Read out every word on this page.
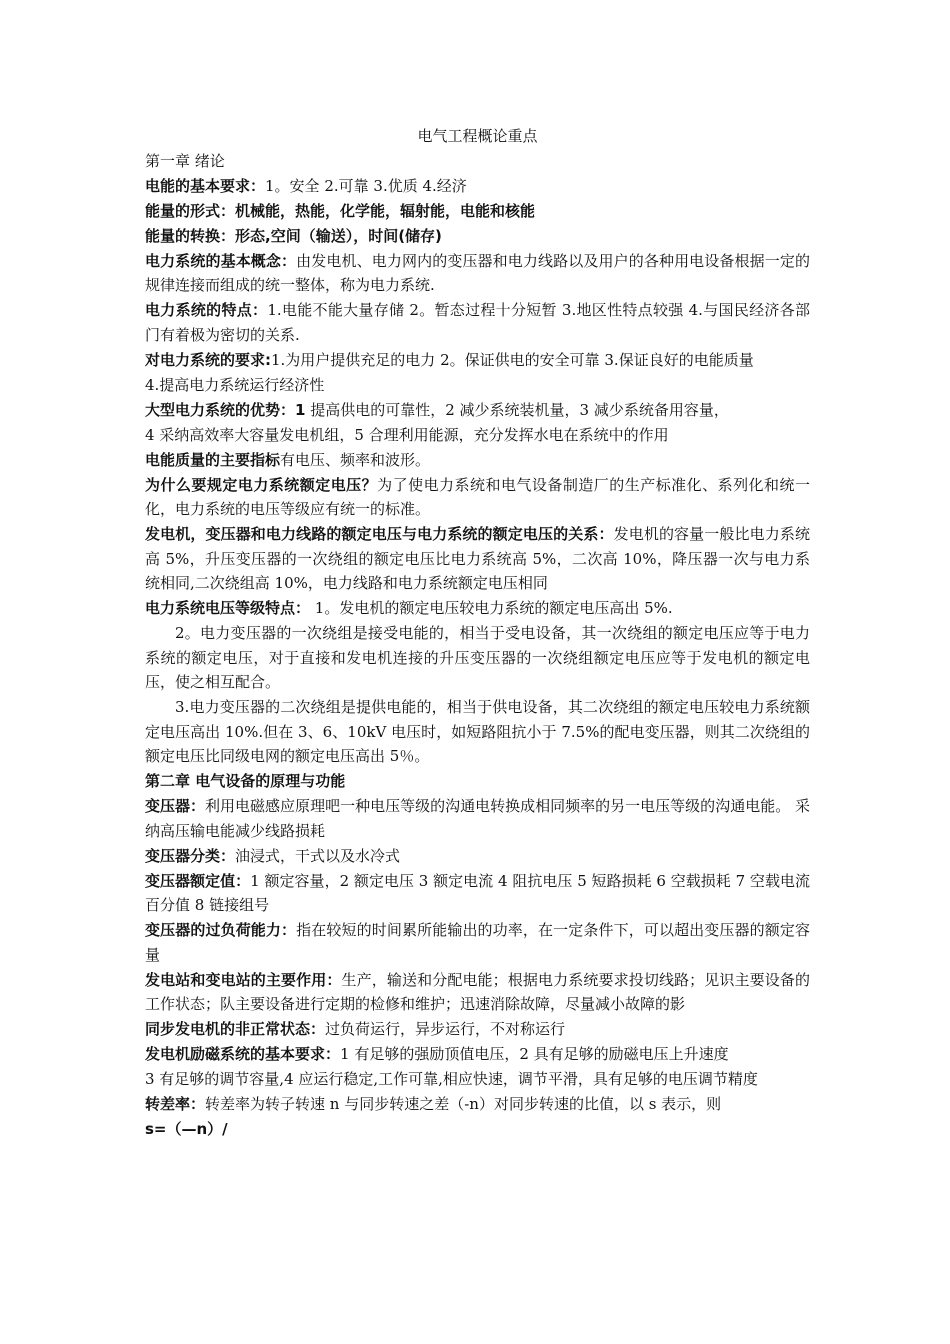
电气工程概论重点

第一章 绪论

电能的基本要求：1。安全 2.可靠 3.优质 4.经济

能量的形式：机械能，热能，化学能，辐射能，电能和核能

能量的转换：形态,空间（输送），时间(储存)

电力系统的基本概念：由发电机、电力网内的变压器和电力线路以及用户的各种用电设备根据一定的规律连接而组成的统一整体，称为电力系统.

电力系统的特点：1.电能不能大量存储 2。暂态过程十分短暂 3.地区性特点较强 4.与国民经济各部门有着极为密切的关系.

对电力系统的要求:1.为用户提供充足的电力 2。保证供电的安全可靠 3.保证良好的电能质量

4.提高电力系统运行经济性

大型电力系统的优势：1 提高供电的可靠性，2 减少系统装机量，3 减少系统备用容量，

4 采纳高效率大容量发电机组，5 合理利用能源，充分发挥水电在系统中的作用

电能质量的主要指标有电压、频率和波形。

为什么要规定电力系统额定电压？为了使电力系统和电气设备制造厂的生产标准化、系列化和统一化，电力系统的电压等级应有统一的标准。

发电机，变压器和电力线路的额定电压与电力系统的额定电压的关系：发电机的容量一般比电力系统高 5%，升压变压器的一次绕组的额定电压比电力系统高 5%，二次高 10%，降压器一次与电力系统相同,二次绕组高 10%，电力线路和电力系统额定电压相同

电力系统电压等级特点： 1。发电机的额定电压较电力系统的额定电压高出 5%.

2。电力变压器的一次绕组是接受电能的，相当于受电设备，其一次绕组的额定电压应等于电力系统的额定电压，对于直接和发电机连接的升压变压器的一次绕组额定电压应等于发电机的额定电压，使之相互配合。

3.电力变压器的二次绕组是提供电能的，相当于供电设备，其二次绕组的额定电压较电力系统额定电压高出 10%.但在 3、6、10kV 电压时，如短路阻抗小于 7.5%的配电变压器，则其二次绕组的额定电压比同级电网的额定电压高出 5％。

第二章 电气设备的原理与功能

变压器：利用电磁感应原理吧一种电压等级的沟通电转换成相同频率的另一电压等级的沟通电能。 采纳高压输电能减少线路损耗

变压器分类：油浸式，干式以及水冷式

变压器额定值：1 额定容量，2 额定电压 3 额定电流 4 阻抗电压 5 短路损耗 6 空载损耗 7 空载电流百分值 8 链接组号

变压器的过负荷能力：指在较短的时间累所能输出的功率，在一定条件下，可以超出变压器的额定容量

发电站和变电站的主要作用：生产，输送和分配电能；根据电力系统要求投切线路；见识主要设备的工作状态；队主要设备进行定期的检修和维护；迅速消除故障，尽量减小故障的影

同步发电机的非正常状态：过负荷运行，异步运行，不对称运行

发电机励磁系统的基本要求：1 有足够的强励顶值电压，2 具有足够的励磁电压上升速度

3 有足够的调节容量,4 应运行稳定,工作可靠,相应快速，调节平滑，具有足够的电压调节精度

转差率：转差率为转子转速 n 与同步转速之差（-n）对同步转速的比值，以 s 表示，则

s=（—n）/
